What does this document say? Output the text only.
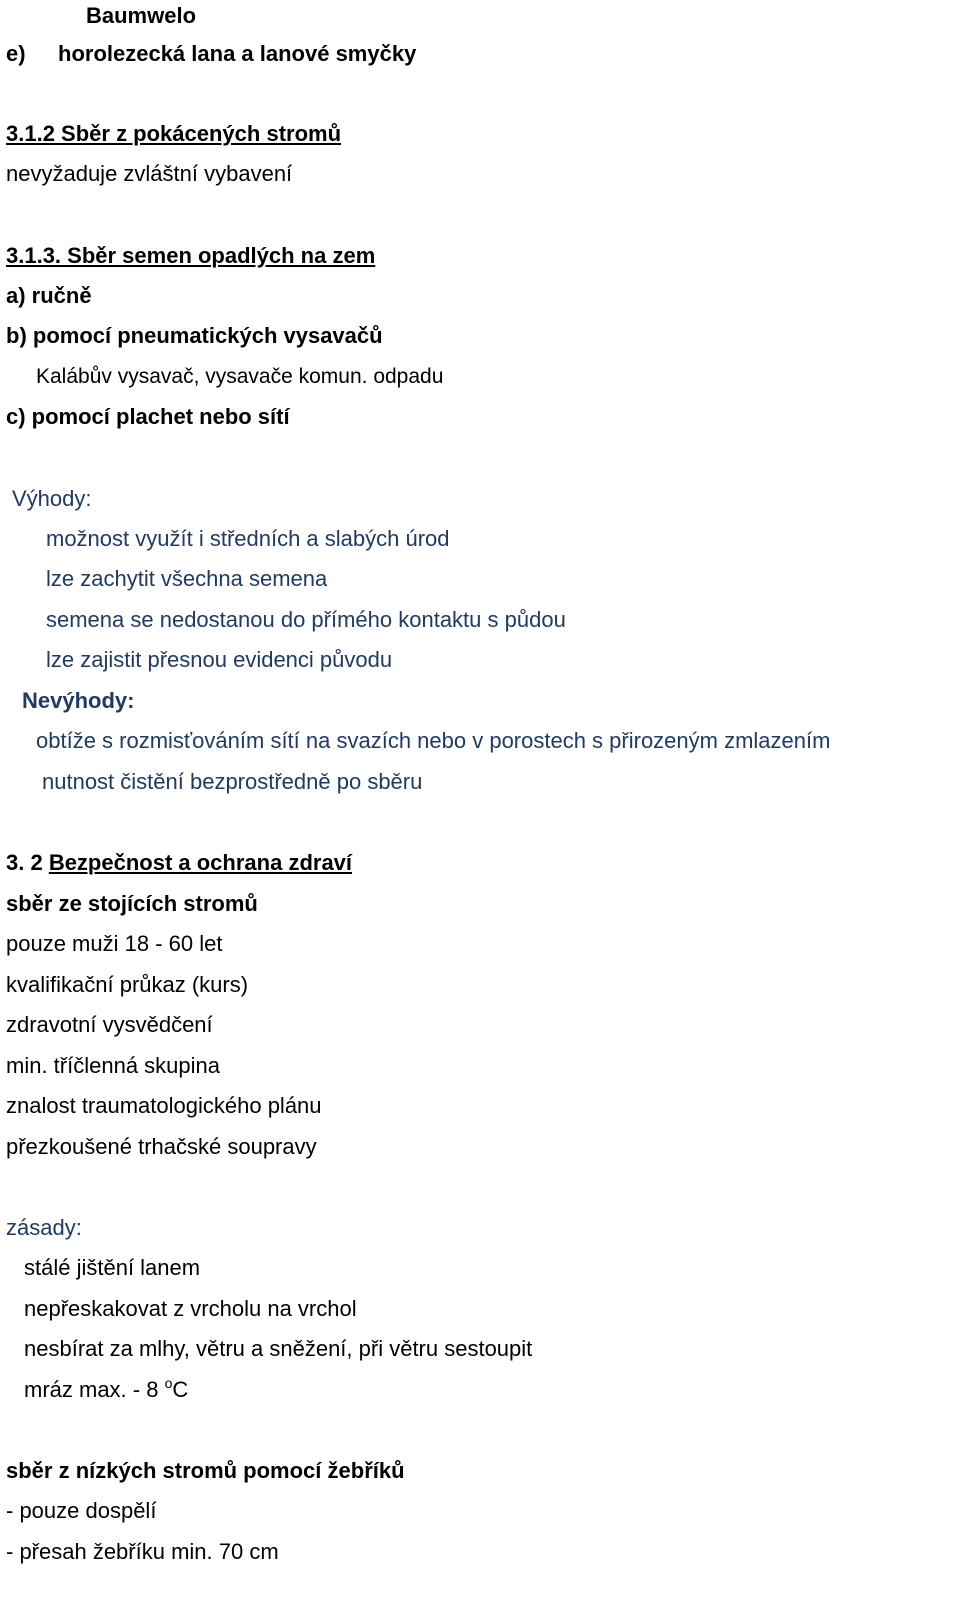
Baumwelo

e) horolezecká lana a lanové smyčky

3.1.2 Sběr z pokácených stromů

nevyžaduje zvláštní vybavení

3.1.3. Sběr semen opadlých na zem

a) ručně

b) pomocí pneumatických vysavačů

Kalábův vysavač, vysavače komun. odpadu

c) pomocí plachet nebo sítí

Výhody:

možnost využít i středních a slabých úrod

lze zachytit všechna semena

semena se nedostanou do přímého kontaktu s půdou

lze zajistit přesnou evidenci původu

Nevýhody:

obtíže s rozmisťováním sítí na svazích nebo v porostech s přirozeným zmlazením

nutnost čistění bezprostředně po sběru

3. 2 Bezpečnost a ochrana zdraví

sběr ze stojících stromů

pouze muži 18 - 60 let

kvalifikační průkaz (kurs)

zdravotní vysvědčení

min. tříčlenná skupina

znalost traumatologického plánu

přezkoušené trhačské soupravy

zásady:

stálé jištění lanem

nepřeskakovat z vrcholu na vrchol

nesbírat za mlhy, větru a sněžení, při větru sestoupit

mráz max. - 8 $^o$C

sběr z nízkých stromů pomocí žebříků

- pouze dospělí

- přesah žebříku min. 70 cm
